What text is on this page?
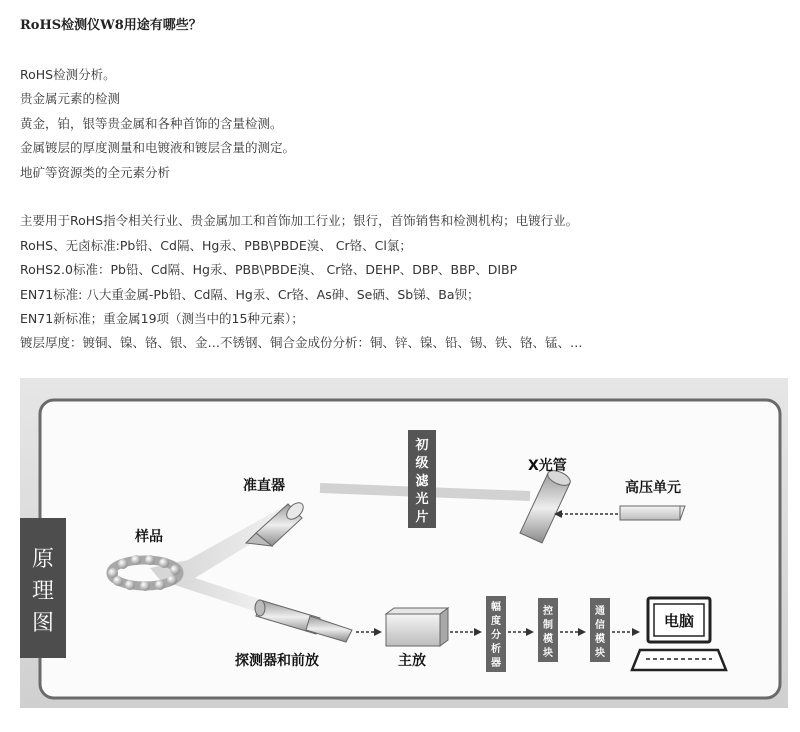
RoHS检测仪W8用途有哪些？
RoHS检测分析。
贵金属元素的检测
黄金，铂，银等贵金属和各种首饰的含量检测。
金属镀层的厚度测量和电镀液和镀层含量的测定。
地矿等资源类的全元素分析
主要用于RoHS指令相关行业、贵金属加工和首饰加工行业；银行，首饰销售和检测机构；电镀行业。
RoHS、无卤标准:Pb铅、Cd隔、Hg汞、PBB\PBDE溴、 Cr铬、Cl氯；
RoHS2.0标准：Pb铅、Cd隔、Hg汞、PBB\PBDE溴、 Cr铬、DEHP、DBP、BBP、DIBP
EN71标准: 八大重金属-Pb铅、Cd隔、Hg汞、Cr铬、As砷、Se硒、Sb锑、Ba钡；
EN71新标准；重金属19项（测当中的15种元素）；
镀层厚度：镀铜、镍、铬、银、金…不锈钢、铜合金成份分析：铜、锌、镍、铅、锡、铁、铬、锰、…
原
理
图
样品
准直器
初
级
滤
光
片
X光管
高压单元
探测器和前放	主放
幅
度
分
析
器
控
制
模
块
通
信
模
块
电脑
